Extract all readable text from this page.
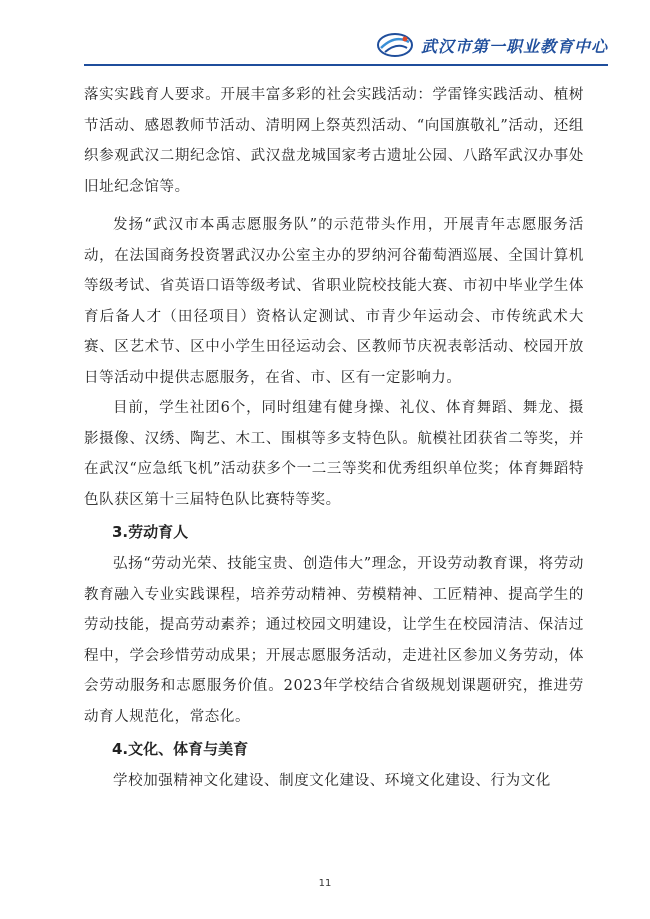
武汉市第一职业教育中心

落实实践育人要求。开展丰富多彩的社会实践活动：学雷锋实践活动、植树节活动、感恩教师节活动、清明网上祭英烈活动、“向国旗敬礼”活动，还组织参观武汉二期纪念馆、武汉盘龙城国家考古遗址公园、八路军武汉办事处旧址纪念馆等。

发扬“武汉市本禹志愿服务队”的示范带头作用，开展青年志愿服务活动，在法国商务投资署武汉办公室主办的罗纳河谷葡萄酒巡展、全国计算机等级考试、省英语口语等级考试、省职业院校技能大赛、市初中毕业学生体育后备人才（田径项目）资格认定测试、市青少年运动会、市传统武术大赛、区艺术节、区中小学生田径运动会、区教师节庆祝表彰活动、校园开放日等活动中提供志愿服务，在省、市、区有一定影响力。

目前，学生社团6个，同时组建有健身操、礼仪、体育舞蹈、舞龙、摄影摄像、汉绣、陶艺、木工、围棋等多支特色队。航模社团获省二等奖，并在武汉“应急纸飞机”活动获多个一二三等奖和优秀组织单位奖；体育舞蹈特色队获区第十三届特色队比赛特等奖。

3.劳动育人

弘扬“劳动光荣、技能宝贵、创造伟大”理念，开设劳动教育课，将劳动教育融入专业实践课程，培养劳动精神、劳模精神、工匠精神、提高学生的劳动技能，提高劳动素养；通过校园文明建设，让学生在校园清洁、保洁过程中，学会珍惜劳动成果；开展志愿服务活动，走进社区参加义务劳动，体会劳动服务和志愿服务价值。2023年学校结合省级规划课题研究，推进劳动育人规范化，常态化。

4.文化、体育与美育

学校加强精神文化建设、制度文化建设、环境文化建设、行为文化

11
